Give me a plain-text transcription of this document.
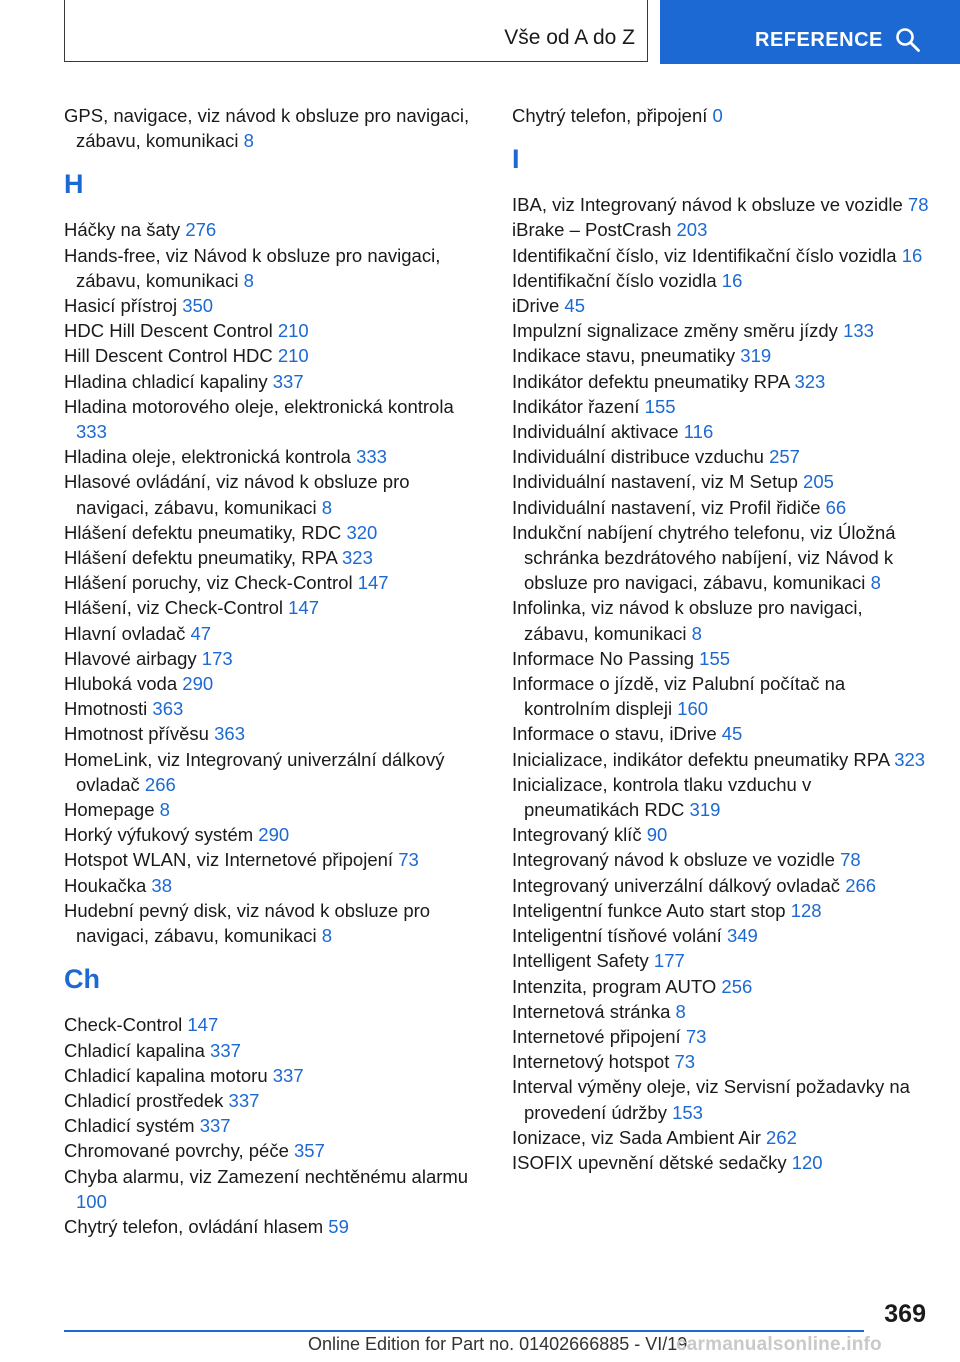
Vše od A do Z	REFERENCE
GPS, navigace, viz návod k obsluze pro navigaci, zábavu, komunikaci 8
H
Háčky na šaty 276
Hands-free, viz Návod k obsluze pro navigaci, zábavu, komunikaci 8
Hasicí přístroj 350
HDC Hill Descent Control 210
Hill Descent Control HDC 210
Hladina chladicí kapaliny 337
Hladina motorového oleje, elektronická kontrola 333
Hladina oleje, elektronická kontrola 333
Hlasové ovládání, viz návod k obsluze pro navigaci, zábavu, komunikaci 8
Hlášení defektu pneumatiky, RDC 320
Hlášení defektu pneumatiky, RPA 323
Hlášení poruchy, viz Check-Control 147
Hlášení, viz Check-Control 147
Hlavní ovladač 47
Hlavové airbagy 173
Hluboká voda 290
Hmotnosti 363
Hmotnost přívěsu 363
HomeLink, viz Integrovaný univerzální dálkový ovladač 266
Homepage 8
Horký výfukový systém 290
Hotspot WLAN, viz Internetové připojení 73
Houkačka 38
Hudební pevný disk, viz návod k obsluze pro navigaci, zábavu, komunikaci 8
Ch
Check-Control 147
Chladicí kapalina 337
Chladicí kapalina motoru 337
Chladicí prostředek 337
Chladicí systém 337
Chromované povrchy, péče 357
Chyba alarmu, viz Zamezení nechtěnému alarmu 100
Chytrý telefon, ovládání hlasem 59
Chytrý telefon, připojení 0
I
IBA, viz Integrovaný návod k obsluze ve vozidle 78
iBrake – PostCrash 203
Identifikační číslo, viz Identifikační číslo vozidla 16
Identifikační číslo vozidla 16
iDrive 45
Impulzní signalizace změny směru jízdy 133
Indikace stavu, pneumatiky 319
Indikátor defektu pneumatiky RPA 323
Indikátor řazení 155
Individuální aktivace 116
Individuální distribuce vzduchu 257
Individuální nastavení, viz M Setup 205
Individuální nastavení, viz Profil řidiče 66
Indukční nabíjení chytrého telefonu, viz Úložná schránka bezdrátového nabíjení, viz Návod k obsluze pro navigaci, zábavu, komunikaci 8
Infolinka, viz návod k obsluze pro navigaci, zábavu, komunikaci 8
Informace No Passing 155
Informace o jízdě, viz Palubní počítač na kontrolním displeji 160
Informace o stavu, iDrive 45
Inicializace, indikátor defektu pneumatiky RPA 323
Inicializace, kontrola tlaku vzduchu v pneumatikách RDC 319
Integrovaný klíč 90
Integrovaný návod k obsluze ve vozidle 78
Integrovaný univerzální dálkový ovladač 266
Inteligentní funkce Auto start stop 128
Inteligentní tísňové volání 349
Intelligent Safety 177
Intenzita, program AUTO 256
Internetová stránka 8
Internetové připojení 73
Internetový hotspot 73
Interval výměny oleje, viz Servisní požadavky na provedení údržby 153
Ionizace, viz Sada Ambient Air 262
ISOFIX upevnění dětské sedačky 120
369
Online Edition for Part no. 01402666885 - VI/19
carmanualsonline.info
